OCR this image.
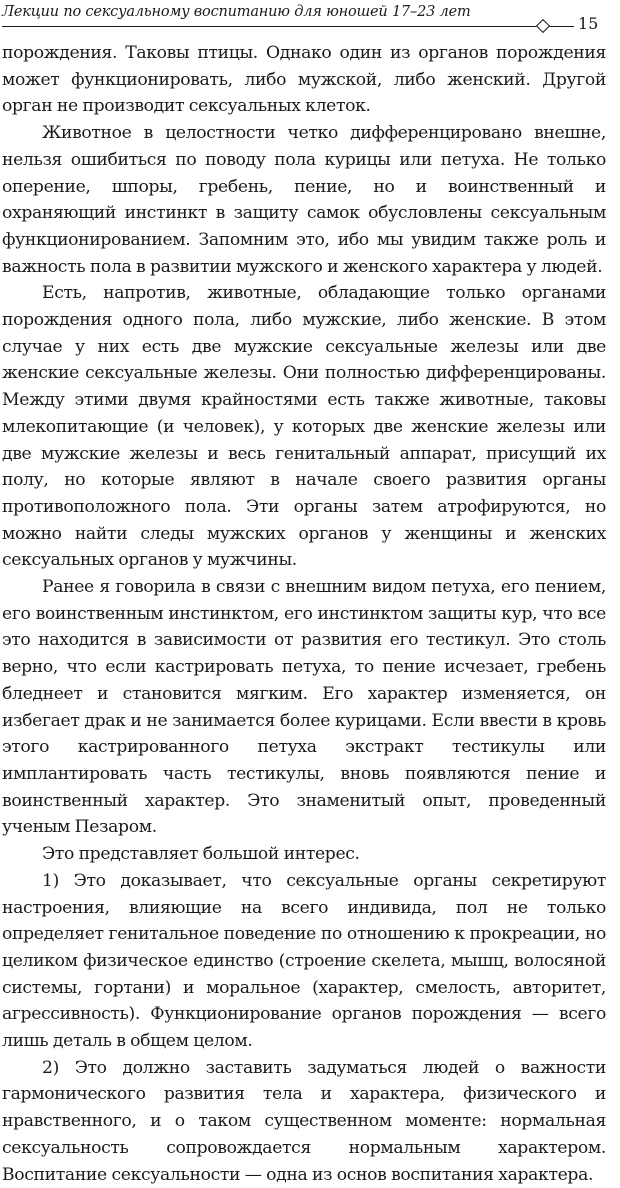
Лекции по сексуальному воспитанию для юношей 17–23 лет
15

порождения. Таковы птицы. Однако один из органов порождения может функционировать, либо мужской, либо женский. Другой орган не производит сексуальных клеток.

Животное в целостности четко дифференцировано внешне, нельзя ошибиться по поводу пола курицы или петуха. Не только оперение, шпоры, гребень, пение, но и воинственный и охраняющий инстинкт в защиту самок обусловлены сексуальным функционированием. Запомним это, ибо мы увидим также роль и важность пола в развитии мужского и женского характера у людей.

Есть, напротив, животные, обладающие только органами порождения одного пола, либо мужские, либо женские. В этом случае у них есть две мужские сексуальные железы или две женские сексуальные железы. Они полностью дифференцированы. Между этими двумя крайностями есть также животные, таковы млекопитающие (и человек), у которых две женские железы или две мужские железы и весь генитальный аппарат, присущий их полу, но которые являют в начале своего развития органы противоположного пола. Эти органы затем атрофируются, но можно найти следы мужских органов у женщины и женских сексуальных органов у мужчины.

Ранее я говорила в связи с внешним видом петуха, его пением, его воинственным инстинктом, его инстинктом защиты кур, что все это находится в зависимости от развития его тестикул. Это столь верно, что если кастрировать петуха, то пение исчезает, гребень бледнеет и становится мягким. Его характер изменяется, он избегает драк и не занимается более курицами. Если ввести в кровь этого кастрированного петуха экстракт тестикулы или имплантировать часть тестикулы, вновь появляются пение и воинственный характер. Это знаменитый опыт, проведенный ученым Пезаром.

Это представляет большой интерес.

1) Это доказывает, что сексуальные органы секретируют настроения, влияющие на всего индивида, пол не только определяет генитальное поведение по отношению к прокреации, но целиком физическое единство (строение скелета, мышц, волосяной системы, гортани) и моральное (характер, смелость, авторитет, агрессивность). Функционирование органов порождения — всего лишь деталь в общем целом.

2) Это должно заставить задуматься людей о важности гармонического развития тела и характера, физического и нравственного, и о таком существенном моменте: нормальная сексуальность сопровождается нормальным характером. Воспитание сексуальности — одна из основ воспитания характера.
